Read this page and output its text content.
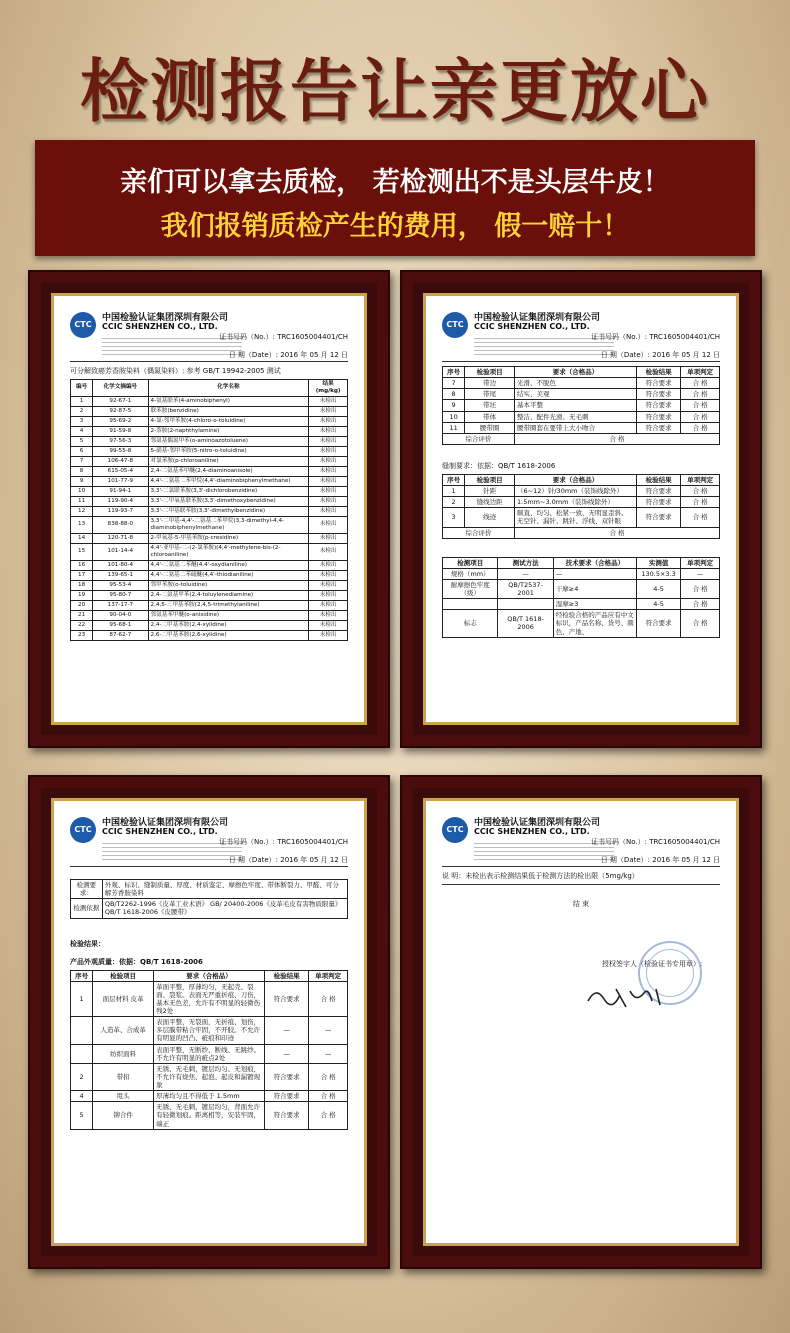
检测报告让亲更放心
亲们可以拿去质检， 若检测出不是头层牛皮！
我们报销质检产生的费用， 假一赔十！
CTC
中国检验认证集团深圳有限公司
CCIC SHENZHEN CO., LTD.
证书号码（No.）: TRC1605004401/CH
日 期（Date）: 2016 年 05 月 12 日
可分解致癌芳香胺染料（偶氮染料）: 参考 GB/T 19942-2005 测试
编号	化学文摘编号	化学名称	结果(mg/kg)
1	92-67-1	4-氨基联苯(4-aminobiphenyl)	未检出
2	92-87-5	联苯胺(benzidine)	未检出
3	95-69-2	4-氯-邻甲苯胺(4-chloro-o-toluidine)	未检出
4	91-59-8	2-萘胺(2-naphthylamine)	未检出
5	97-56-3	邻氨基偶氮甲苯(o-aminoazotoluene)	未检出
6	99-55-8	5-硝基-邻甲苯胺(5-nitro-o-toluidine)	未检出
7	106-47-8	对氯苯胺(p-chloroaniline)	未检出
8	615-05-4	2,4-二氨基苯甲醚(2,4-diaminoanisole)	未检出
9	101-77-9	4,4'-二氨基二苯甲烷(4,4'-diaminobiphenylmethane)	未检出
10	91-94-1	3,3'-二氯联苯胺(3,3'-dichlorobenzidine)	未检出
11	119-90-4	3,3'-二甲氧基联苯胺(3,3'-dimethoxybenzidine)	未检出
12	119-93-7	3,3'-二甲基联苯胺(3,3'-dimethylbenzidine)	未检出
13	838-88-0	3,3'-二甲基-4,4'-二氨基二苯甲烷(3,3-dimethyl-4,4-diaminobiphenylmethane)	未检出
14	120-71-8	2-甲氧基-5-甲基苯胺(p-cresidine)	未检出
15	101-14-4	4,4'-亚甲基-二-(2-氯苯胺)(4,4'-methylene-bis-(2-chloroaniline)	未检出
16	101-80-4	4,4'-二氨基二苯醚(4,4'-oxydianiline)	未检出
17	139-65-1	4,4'-二氨基二苯硫醚(4,4'-thiodianiline)	未检出
18	95-53-4	邻甲苯胺(o-toluidine)	未检出
19	95-80-7	2,4-二氨基甲苯(2,4-toluylenediamine)	未检出
20	137-17-7	2,4,5-三甲基苯胺(2,4,5-trimethylaniline)	未检出
21	90-04-0	邻氨基苯甲醚(o-anisidine)	未检出
22	95-68-1	2,4-二甲基苯胺(2,4-xylidine)	未检出
23	87-62-7	2,6-二甲基苯胺(2,6-xylidine)	未检出
CTC
中国检验认证集团深圳有限公司
CCIC SHENZHEN CO., LTD.
证书号码（No.）: TRC1605004401/CH
日 期（Date）: 2016 年 05 月 12 日
序号	检验项目	要求（合格品）	检验结果	单项判定
7	带边	光滑、不脱色	符合要求	合 格
8	带尾	结实、美观	符合要求	合 格
9	带坯	基本平整	符合要求	合 格
10	带体	整洁、配件光滑、无毛刺	符合要求	合 格
11	腰带圈	腰带圈套在要带上大小吻合	符合要求	合 格
综合评价		合 格		
缝制要求：依据：QB/T 1618-2006
序号	检验项目	要求（合格品）	检验结果	单项判定
1	针距	（6~12）针/30mm（装饰线除外）	符合要求	合 格
2	缝线边距	1.5mm~3.0mm（装饰线除外）	符合要求	合 格
3	线迹	顺直、均匀、松紧一致，无明显歪斜。无空针、漏针、跳针、浮线、双针眼	符合要求	合 格
综合评价		合 格		
检测项目	测试方法	技术要求（合格品）	实测值	单项判定
规格（mm）	—	—	130.5×3.3	—
耐摩擦色牢度（级）	QB/T2537-2001	干摩≥4	4-5	合 格
		湿摩≥3	4-5	合 格
标志	QB/T 1618-2006	经检验合格的产品应有中文标识，产品名称、货号、颜色、产地、	符合要求	合 格
CTC
中国检验认证集团深圳有限公司
CCIC SHENZHEN CO., LTD.
证书号码（No.）: TRC1605004401/CH
日 期（Date）: 2016 年 05 月 12 日
检测要求：	外观、标识、缝制质量、厚度、材质鉴定、摩擦色牢度、带体断裂力、甲醛、可分解芳香胺染料
检测依据	QB/T2262-1996《皮革工业术语》 GB/ 20400-2006《皮革毛皮有害物质限量》 QB/T 1618-2006《皮腰带》
检验结果：
产品外观质量：依据：QB/T 1618-2006
序号	检验项目	要求（合格品）	检验结果	单项判定
1	面层材料 皮革	革面平整，厚薄均匀，无起壳、裂面、裂浆。表面无严重折痕、刀伤，基本无色差，允许有不明显的轻微伤残2处	符合要求	合 格
	人造革、合成革	表面平整，无裂面，无折痕、划伤，多层膜带粘合牢固，不开胶。不允许有明显的凹凸、疵痕和印迹	—	—
	纺织面料	表面平整，无断纱、断线、无跳纱。不允许有明显的疵点2处	—	—
2	带扣	无锈、无毛刺，镀层均匀、无划痕，不允许有烧焦、起泡、起皮和漏镀现象	符合要求	合 格
4	甩头	厚薄均匀且不得低于 1.5mm	符合要求	合 格
5	铆合件	无锈、无毛刺，镀层均匀，背面允许有轻微划痕。距离相等，安装牢固，端正	符合要求	合 格
CTC
中国检验认证集团深圳有限公司
CCIC SHENZHEN CO., LTD.
证书号码（No.）: TRC1605004401/CH
日 期（Date）: 2016 年 05 月 12 日
说 明：未检出表示检测结果低于检测方法的检出限（5mg/kg）
结 束
授权签字人（检验证书专用章）:
